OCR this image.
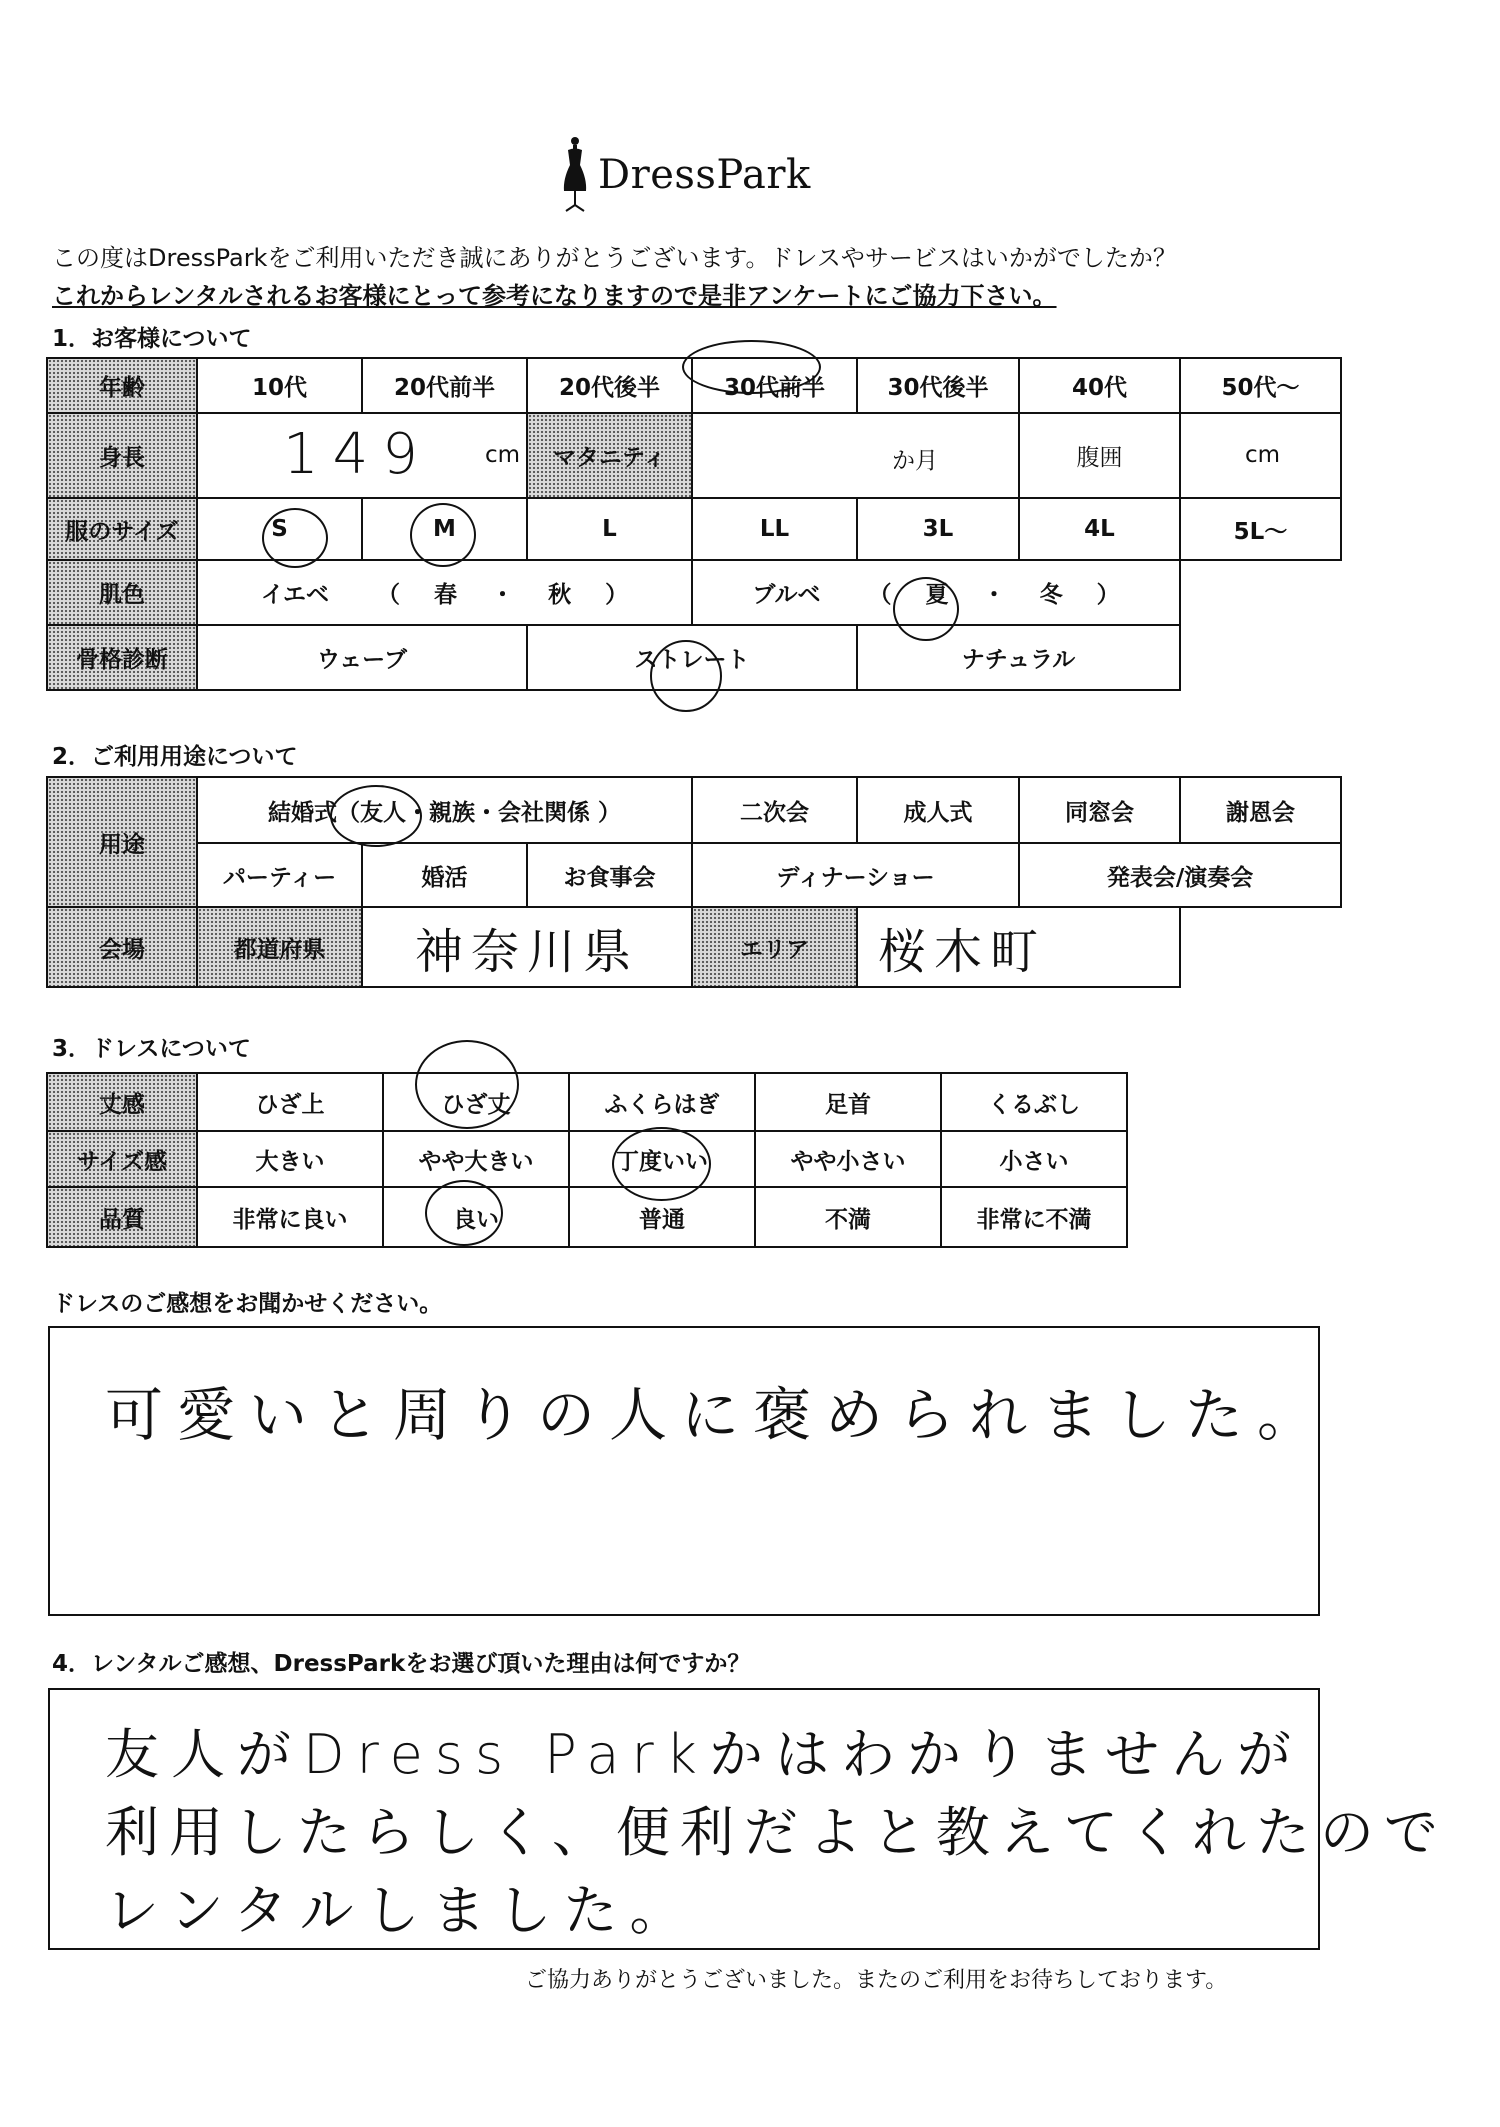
DressPark
この度はDressParkをご利用いただき誠にありがとうございます。ドレスやサービスはいかがでしたか？
これからレンタルされるお客様にとって参考になりますので是非アンケートにご協力下さい。
1．お客様について
年齢	10代	20代前半	20代後半	30代前半	30代後半	40代	50代～
身長	149 cm		マタニティ	か月		腹囲	cm

服のサイズ	S	M	L	LL	3L	4L	5L～
肌色	イエベ （ 春 ・ 秋 ）			ブルベ （ 夏 ・ 冬 ）			
骨格診断	ウェーブ		ストレート		ナチュラル		
2．ご利用用途について
用途	結婚式（友人・親族・会社関係 ）			二次会	成人式	同窓会	謝恩会
	パーティー	婚活	お食事会	ディナーショー		発表会/演奏会	
会場	都道府県	神奈川県		エリア	桜木町		
3．ドレスについて
丈感	ひざ上	ひざ丈	ふくらはぎ	足首	くるぶし
サイズ感	大きい	やや大きい	丁度いい	やや小さい	小さい
品質	非常に良い	良い	普通	不満	非常に不満
ドレスのご感想をお聞かせください。
可愛いと周りの人に褒められました。
4．レンタルご感想、DressParkをお選び頂いた理由は何ですか？
友人がDress Parkかはわかりませんが
利用したらしく、便利だよと教えてくれたので
レンタルしました。
ご協力ありがとうございました。またのご利用をお待ちしております。
